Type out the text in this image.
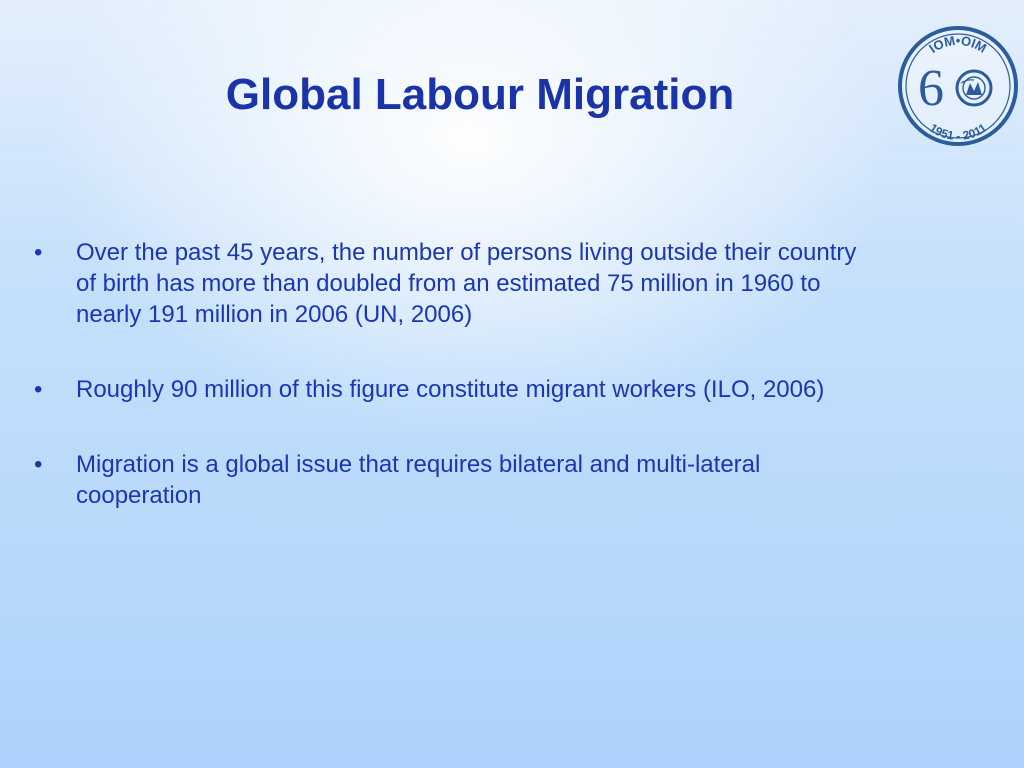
Global Labour Migration
IOM•OIM
1951 - 2011
6
• Over the past 45 years, the number of persons living outside their country of birth has more than doubled from an estimated 75 million in 1960 to nearly 191 million in 2006 (UN, 2006)
• Roughly 90 million of this figure constitute migrant workers (ILO, 2006)
• Migration is a global issue that requires bilateral and multi-lateral cooperation
